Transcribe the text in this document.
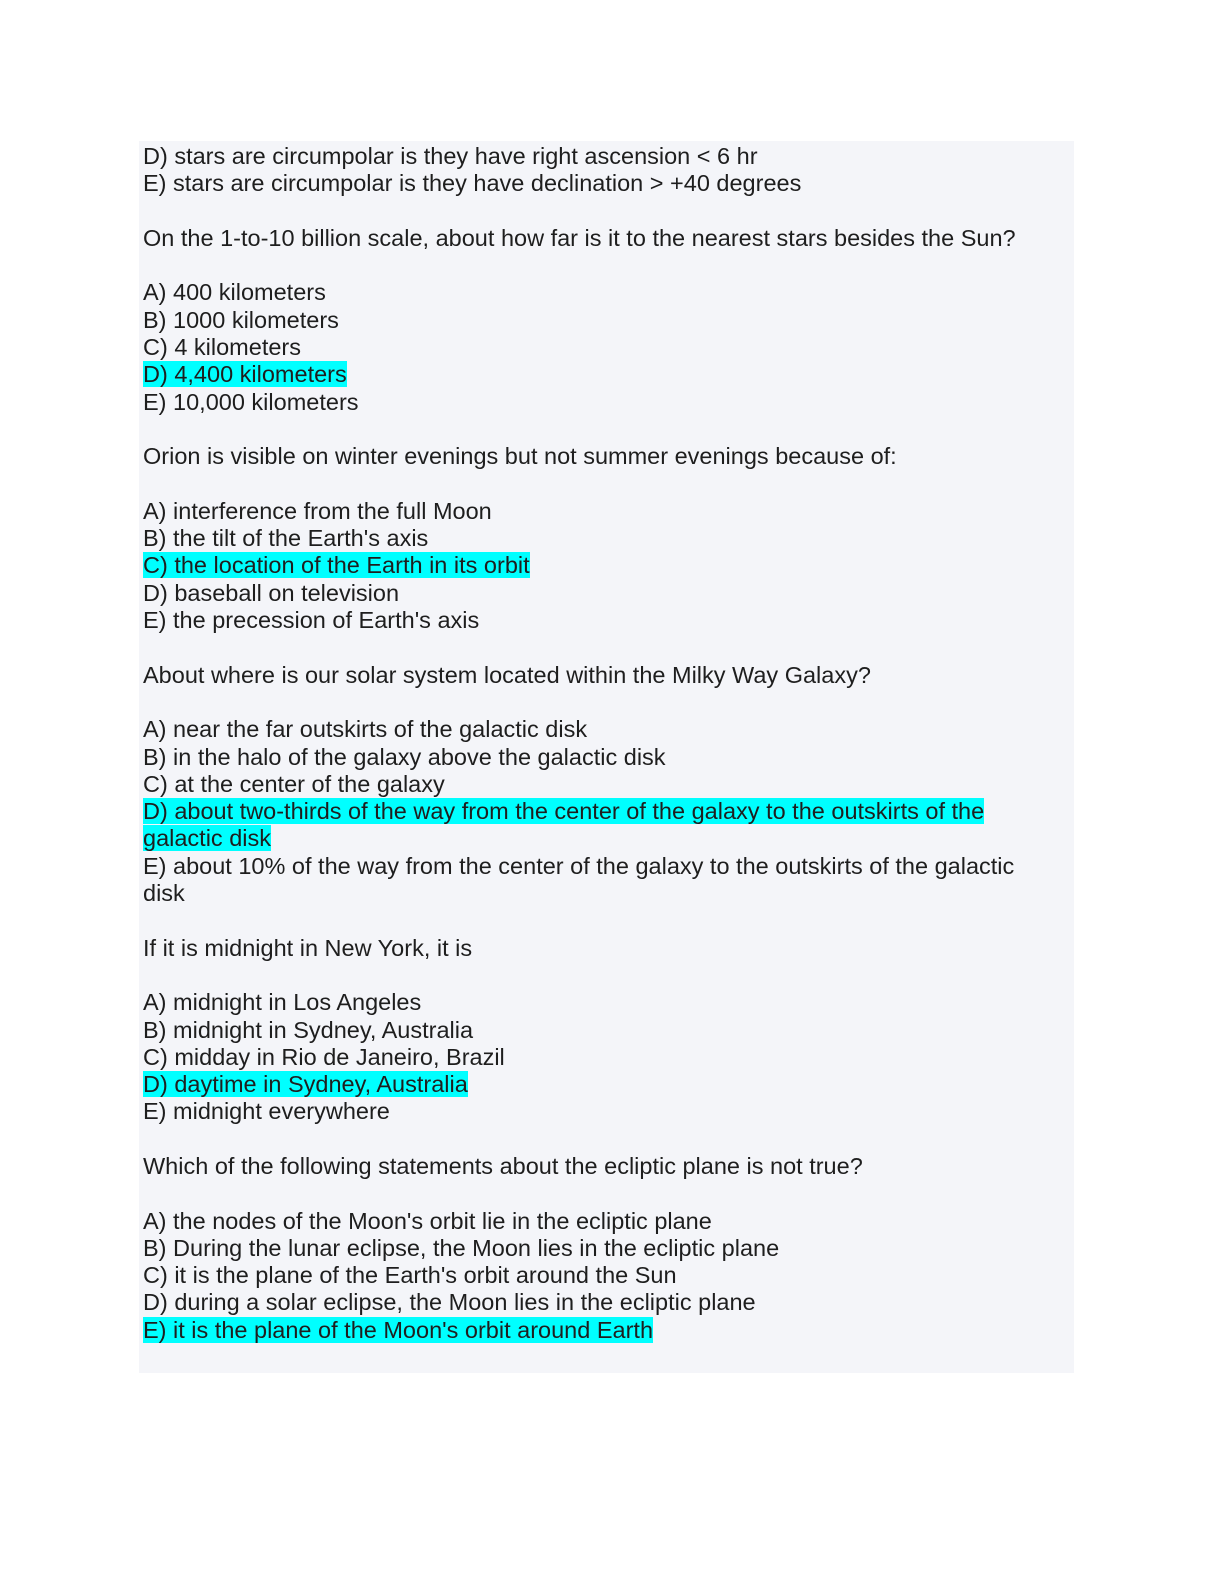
D) stars are circumpolar is they have right ascension < 6 hr

E) stars are circumpolar is they have declination > +40 degrees

On the 1-to-10 billion scale, about how far is it to the nearest stars besides the Sun?

A) 400 kilometers

B) 1000 kilometers

C) 4 kilometers

D) 4,400 kilometers

E) 10,000 kilometers

Orion is visible on winter evenings but not summer evenings because of:

A) interference from the full Moon

B) the tilt of the Earth's axis

C) the location of the Earth in its orbit

D) baseball on television

E) the precession of Earth's axis

About where is our solar system located within the Milky Way Galaxy?

A) near the far outskirts of the galactic disk

B) in the halo of the galaxy above the galactic disk

C) at the center of the galaxy

D) about two-thirds of the way from the center of the galaxy to the outskirts of the galactic disk

E) about 10% of the way from the center of the galaxy to the outskirts of the galactic disk

If it is midnight in New York, it is

A) midnight in Los Angeles

B) midnight in Sydney, Australia

C) midday in Rio de Janeiro, Brazil

D) daytime in Sydney, Australia

E) midnight everywhere

Which of the following statements about the ecliptic plane is not true?

A) the nodes of the Moon's orbit lie in the ecliptic plane

B) During the lunar eclipse, the Moon lies in the ecliptic plane

C) it is the plane of the Earth's orbit around the Sun

D) during a solar eclipse, the Moon lies in the ecliptic plane

E) it is the plane of the Moon's orbit around Earth
